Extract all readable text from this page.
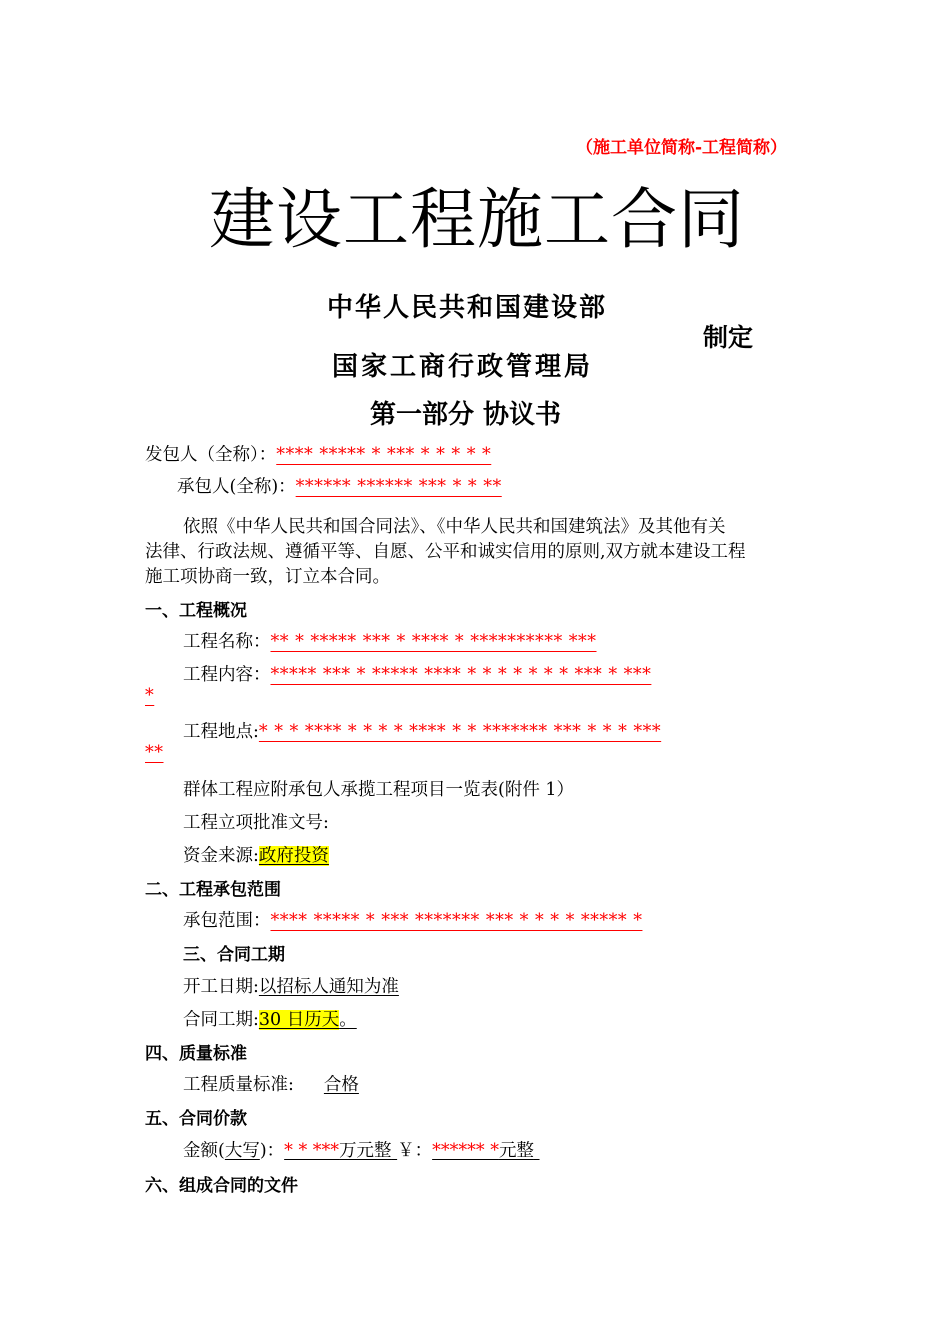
（施工单位简称-工程简称）
建设工程施工合同
中华人民共和国建设部
制定
国家工商行政管理局
第一部分 协议书
发包人（全称）：**** ***** * *** * * * * *
承包人(全称)：****** ****** *** * * **
依照《中华人民共和国合同法》、《中华人民共和国建筑法》及其他有关
法律、行政法规、遵循平等、自愿、公平和诚实信用的原则,双方就本建设工程
施工项协商一致，订立本合同。
一、工程概况
工程名称：** * ***** *** * **** * ********** ***
工程内容：***** *** * ***** **** * * * * * * * *** * ***
*
工程地点:* * * **** * * * * **** * * ******* *** * * * ***
**
群体工程应附承包人承揽工程项目一览表(附件 1）
工程立项批准文号:
资金来源:政府投资
二、工程承包范围
承包范围：**** ***** * *** ******* *** * * * * ***** *
三、合同工期
开工日期:以招标人通知为准
合同工期:30 日历天。
四、质量标准
工程质量标准: 合格
五、合同价款
金额(大写)：* * ***万元整 ￥：****** *元整
六、组成合同的文件
